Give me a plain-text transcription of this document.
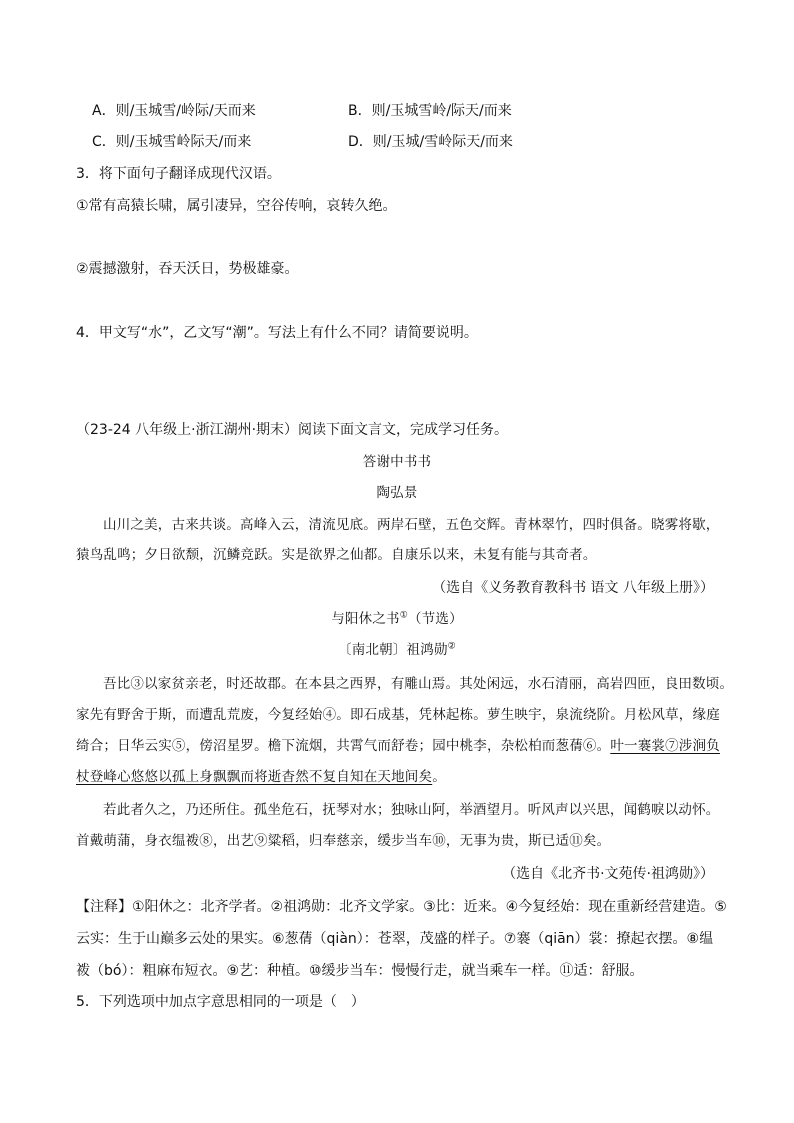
A．则/玉城雪/岭际/天而来	B．则/玉城雪岭/际天/而来
C．则/玉城雪岭际天/而来	D．则/玉城/雪岭际天/而来
3．将下面句子翻译成现代汉语。
①常有高猿长啸，属引凄异，空谷传响，哀转久绝。
②震撼激射，吞天沃日，势极雄豪。
4．甲文写“水”，乙文写“潮”。写法上有什么不同？请简要说明。
（23-24 八年级上·浙江湖州·期末）阅读下面文言文，完成学习任务。
答谢中书书
陶弘景
山川之美，古来共谈。高峰入云，清流见底。两岸石壁，五色交辉。青林翠竹，四时俱备。晓雾将歇，
猿鸟乱鸣；夕日欲颓，沉鳞竞跃。实是欲界之仙都。自康乐以来，未复有能与其奇者。
（选自《义务教育教科书 语文 八年级上册》）
与阳休之书①（节选）
〔南北朝〕祖鸿勋②
吾比③以家贫亲老，时还故郡。在本县之西界，有雕山焉。其处闲远，水石清丽，高岩四匝，良田数顷。
家先有野舍于斯，而遭乱荒废，今复经始④。即石成基，凭林起栋。萝生映宇，泉流绕阶。月松风草，缘庭
绮合；日华云实⑤，傍沼星罗。檐下流烟，共霄气而舒卷；园中桃李，杂松柏而葱蒨⑥。叶一褰裳⑦涉涧负
杖登峰心悠悠以孤上身飘飘而将逝杳然不复自知在天地间矣。
若此者久之，乃还所住。孤坐危石，抚琴对水；独咏山阿，举酒望月。听风声以兴思，闻鹤唳以动怀。
首戴萌蒲，身衣缊袯⑧，出艺⑨粱稻，归奉慈亲，缓步当车⑩，无事为贵，斯已适⑪矣。
（选自《北齐书·文苑传·祖鸿勋》）
【注释】①阳休之：北齐学者。②祖鸿勋：北齐文学家。③比：近来。④今复经始：现在重新经营建造。⑤
云实：生于山巅多云处的果实。⑥葱蒨（qiàn）：苍翠，茂盛的样子。⑦褰（qiān）裳：撩起衣摆。⑧缊
袯（bó）：粗麻布短衣。⑨艺：种植。⑩缓步当车：慢慢行走，就当乘车一样。⑪适：舒服。
5．下列选项中加点字意思相同的一项是（　）
